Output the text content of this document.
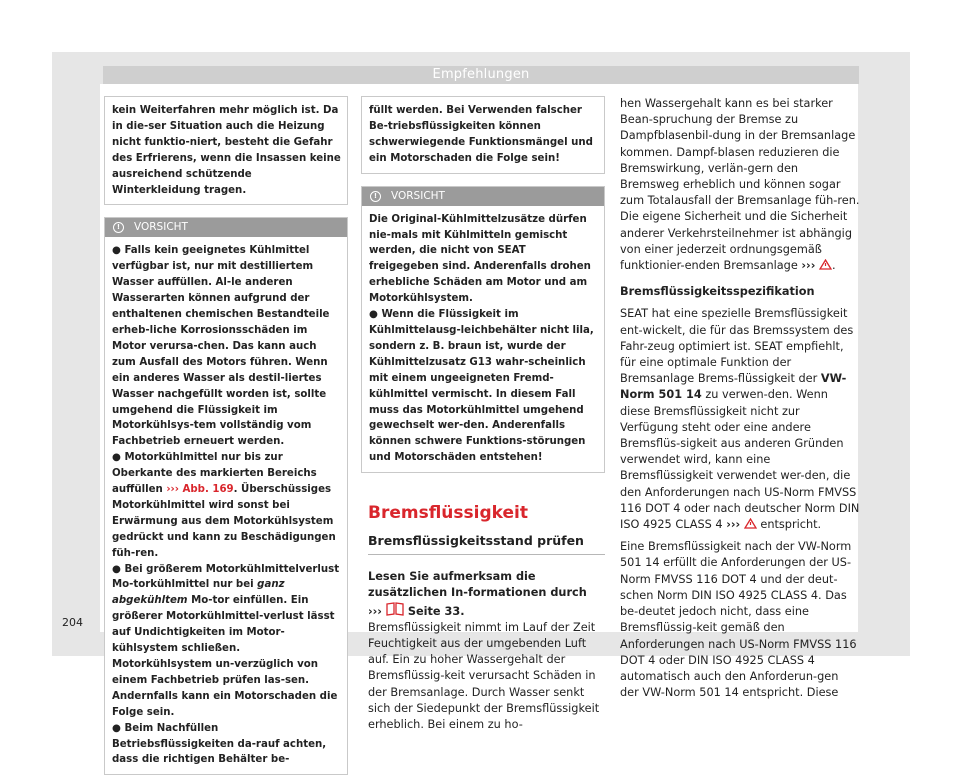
Empfehlungen
kein Weiterfahren mehr möglich ist. Da in die-ser Situation auch die Heizung nicht funktio-niert, besteht die Gefahr des Erfrierens, wenn die Insassen keine ausreichend schützende Winterkleidung tragen.
!	VORSICHT

● Falls kein geeignetes Kühlmittel verfügbar ist, nur mit destilliertem Wasser auffüllen. Al-le anderen Wasserarten können aufgrund der enthaltenen chemischen Bestandteile erheb-liche Korrosionsschäden im Motor verursa-chen. Das kann auch zum Ausfall des Motors führen. Wenn ein anderes Wasser als destil-liertes Wasser nachgefüllt worden ist, sollte umgehend die Flüssigkeit im Motorkühlsys-tem vollständig vom Fachbetrieb erneuert werden.

● Motorkühlmittel nur bis zur Oberkante des markierten Bereichs auffüllen ››› Abb. 169. Überschüssiges Motorkühlmittel wird sonst bei Erwärmung aus dem Motorkühlsystem gedrückt und kann zu Beschädigungen füh-ren.

● Bei größerem Motorkühlmittelverlust Mo-torkühlmittel nur bei ganz abgekühltem Mo-tor einfüllen. Ein größerer Motorkühlmittel-verlust lässt auf Undichtigkeiten im Motor-kühlsystem schließen. Motorkühlsystem un-verzüglich von einem Fachbetrieb prüfen las-sen. Andernfalls kann ein Motorschaden die Folge sein.

● Beim Nachfüllen Betriebsflüssigkeiten da-rauf achten, dass die richtigen Behälter be-

füllt werden. Bei Verwenden falscher Be-triebsflüssigkeiten können schwerwiegende Funktionsmängel und ein Motorschaden die Folge sein!
!	VORSICHT

Die Original-Kühlmittelzusätze dürfen nie-mals mit Kühlmitteln gemischt werden, die nicht von SEAT freigegeben sind. Anderenfalls drohen erhebliche Schäden am Motor und am Motorkühlsystem.

● Wenn die Flüssigkeit im Kühlmittelausg-leichbehälter nicht lila, sondern z. B. braun ist, wurde der Kühlmittelzusatz G13 wahr-scheinlich mit einem ungeeigneten Fremd-kühlmittel vermischt. In diesem Fall muss das Motorkühlmittel umgehend gewechselt wer-den. Anderenfalls können schwere Funktions-störungen und Motorschäden entstehen!

Bremsflüssigkeit
Bremsflüssigkeitsstand prüfen
Lesen Sie aufmerksam die zusätzlichen In-formationen durch ››› Seite 33.
Bremsflüssigkeit nimmt im Lauf der Zeit Feuchtigkeit aus der umgebenden Luft auf. Ein zu hoher Wassergehalt der Bremsflüssig-keit verursacht Schäden in der Bremsanlage. Durch Wasser senkt sich der Siedepunkt der Bremsflüssigkeit erheblich. Bei einem zu ho-
hen Wassergehalt kann es bei starker Bean-spruchung der Bremse zu Dampfblasenbil-dung in der Bremsanlage kommen. Dampf-blasen reduzieren die Bremswirkung, verlän-gern den Bremsweg erheblich und können sogar zum Totalausfall der Bremsanlage füh-ren. Die eigene Sicherheit und die Sicherheit anderer Verkehrsteilnehmer ist abhängig von einer jederzeit ordnungsgemäß funktionier-enden Bremsanlage ››› .
Bremsflüssigkeitsspezifikation
SEAT hat eine spezielle Bremsflüssigkeit ent-wickelt, die für das Bremssystem des Fahr-zeug optimiert ist. SEAT empfiehlt, für eine optimale Funktion der Bremsanlage Brems-flüssigkeit der VW-Norm 501 14 zu verwen-den. Wenn diese Bremsflüssigkeit nicht zur Verfügung steht oder eine andere Bremsflüs-sigkeit aus anderen Gründen verwendet wird, kann eine Bremsflüssigkeit verwendet wer-den, die den Anforderungen nach US-Norm FMVSS 116 DOT 4 oder nach deutscher Norm DIN ISO 4925 CLASS 4 ›››  entspricht.
Eine Bremsflüssigkeit nach der VW-Norm 501 14 erfüllt die Anforderungen der US-Norm FMVSS 116 DOT 4 und der deut-schen Norm DIN ISO 4925 CLASS 4. Das be-deutet jedoch nicht, dass eine Bremsflüssig-keit gemäß den Anforderungen nach US-Norm FMVSS 116 DOT 4 oder DIN ISO 4925 CLASS 4 automatisch auch den Anforderun-gen der VW-Norm 501 14 entspricht. Diese
204
